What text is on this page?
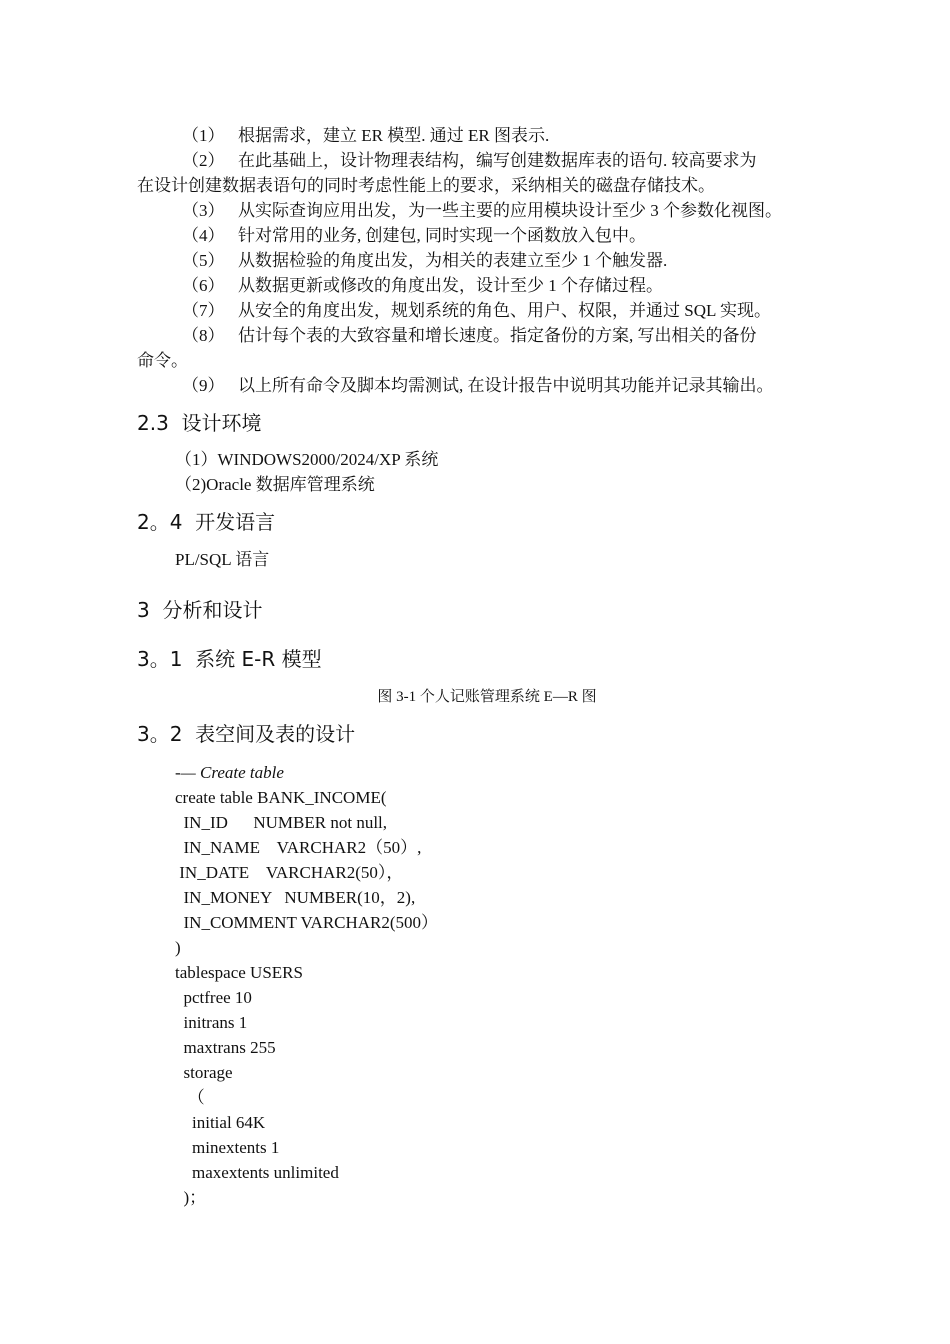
（1） 根据需求，建立 ER 模型. 通过 ER 图表示.
（2） 在此基础上，设计物理表结构，编写创建数据库表的语句. 较高要求为
在设计创建数据表语句的同时考虑性能上的要求，采纳相关的磁盘存储技术。
（3） 从实际查询应用出发，为一些主要的应用模块设计至少 3 个参数化视图。
（4） 针对常用的业务, 创建包, 同时实现一个函数放入包中。
（5） 从数据检验的角度出发，为相关的表建立至少 1 个触发器.
（6） 从数据更新或修改的角度出发，设计至少 1 个存储过程。
（7） 从安全的角度出发，规划系统的角色、用户、权限，并通过 SQL 实现。
（8） 估计每个表的大致容量和增长速度。指定备份的方案, 写出相关的备份
命令。
（9） 以上所有命令及脚本均需测试, 在设计报告中说明其功能并记录其输出。
2.3  设计环境
（1）WINDOWS2000/2024/XP 系统
（2)Oracle 数据库管理系统
2。4  开发语言
PL/SQL 语言
3  分析和设计
3。1  系统 E-R 模型
图 3-1 个人记账管理系统 E—R 图
3。2  表空间及表的设计
-— Create table
create table BANK_INCOME(
IN_ID      NUMBER not null,
IN_NAME    VARCHAR2（50）,
IN_DATE    VARCHAR2(50），
IN_MONEY   NUMBER(10，2),
IN_COMMENT VARCHAR2(500）
)
tablespace USERS
pctfree 10
initrans 1
maxtrans 255
storage
（
initial 64K
minextents 1
maxextents unlimited
)；
